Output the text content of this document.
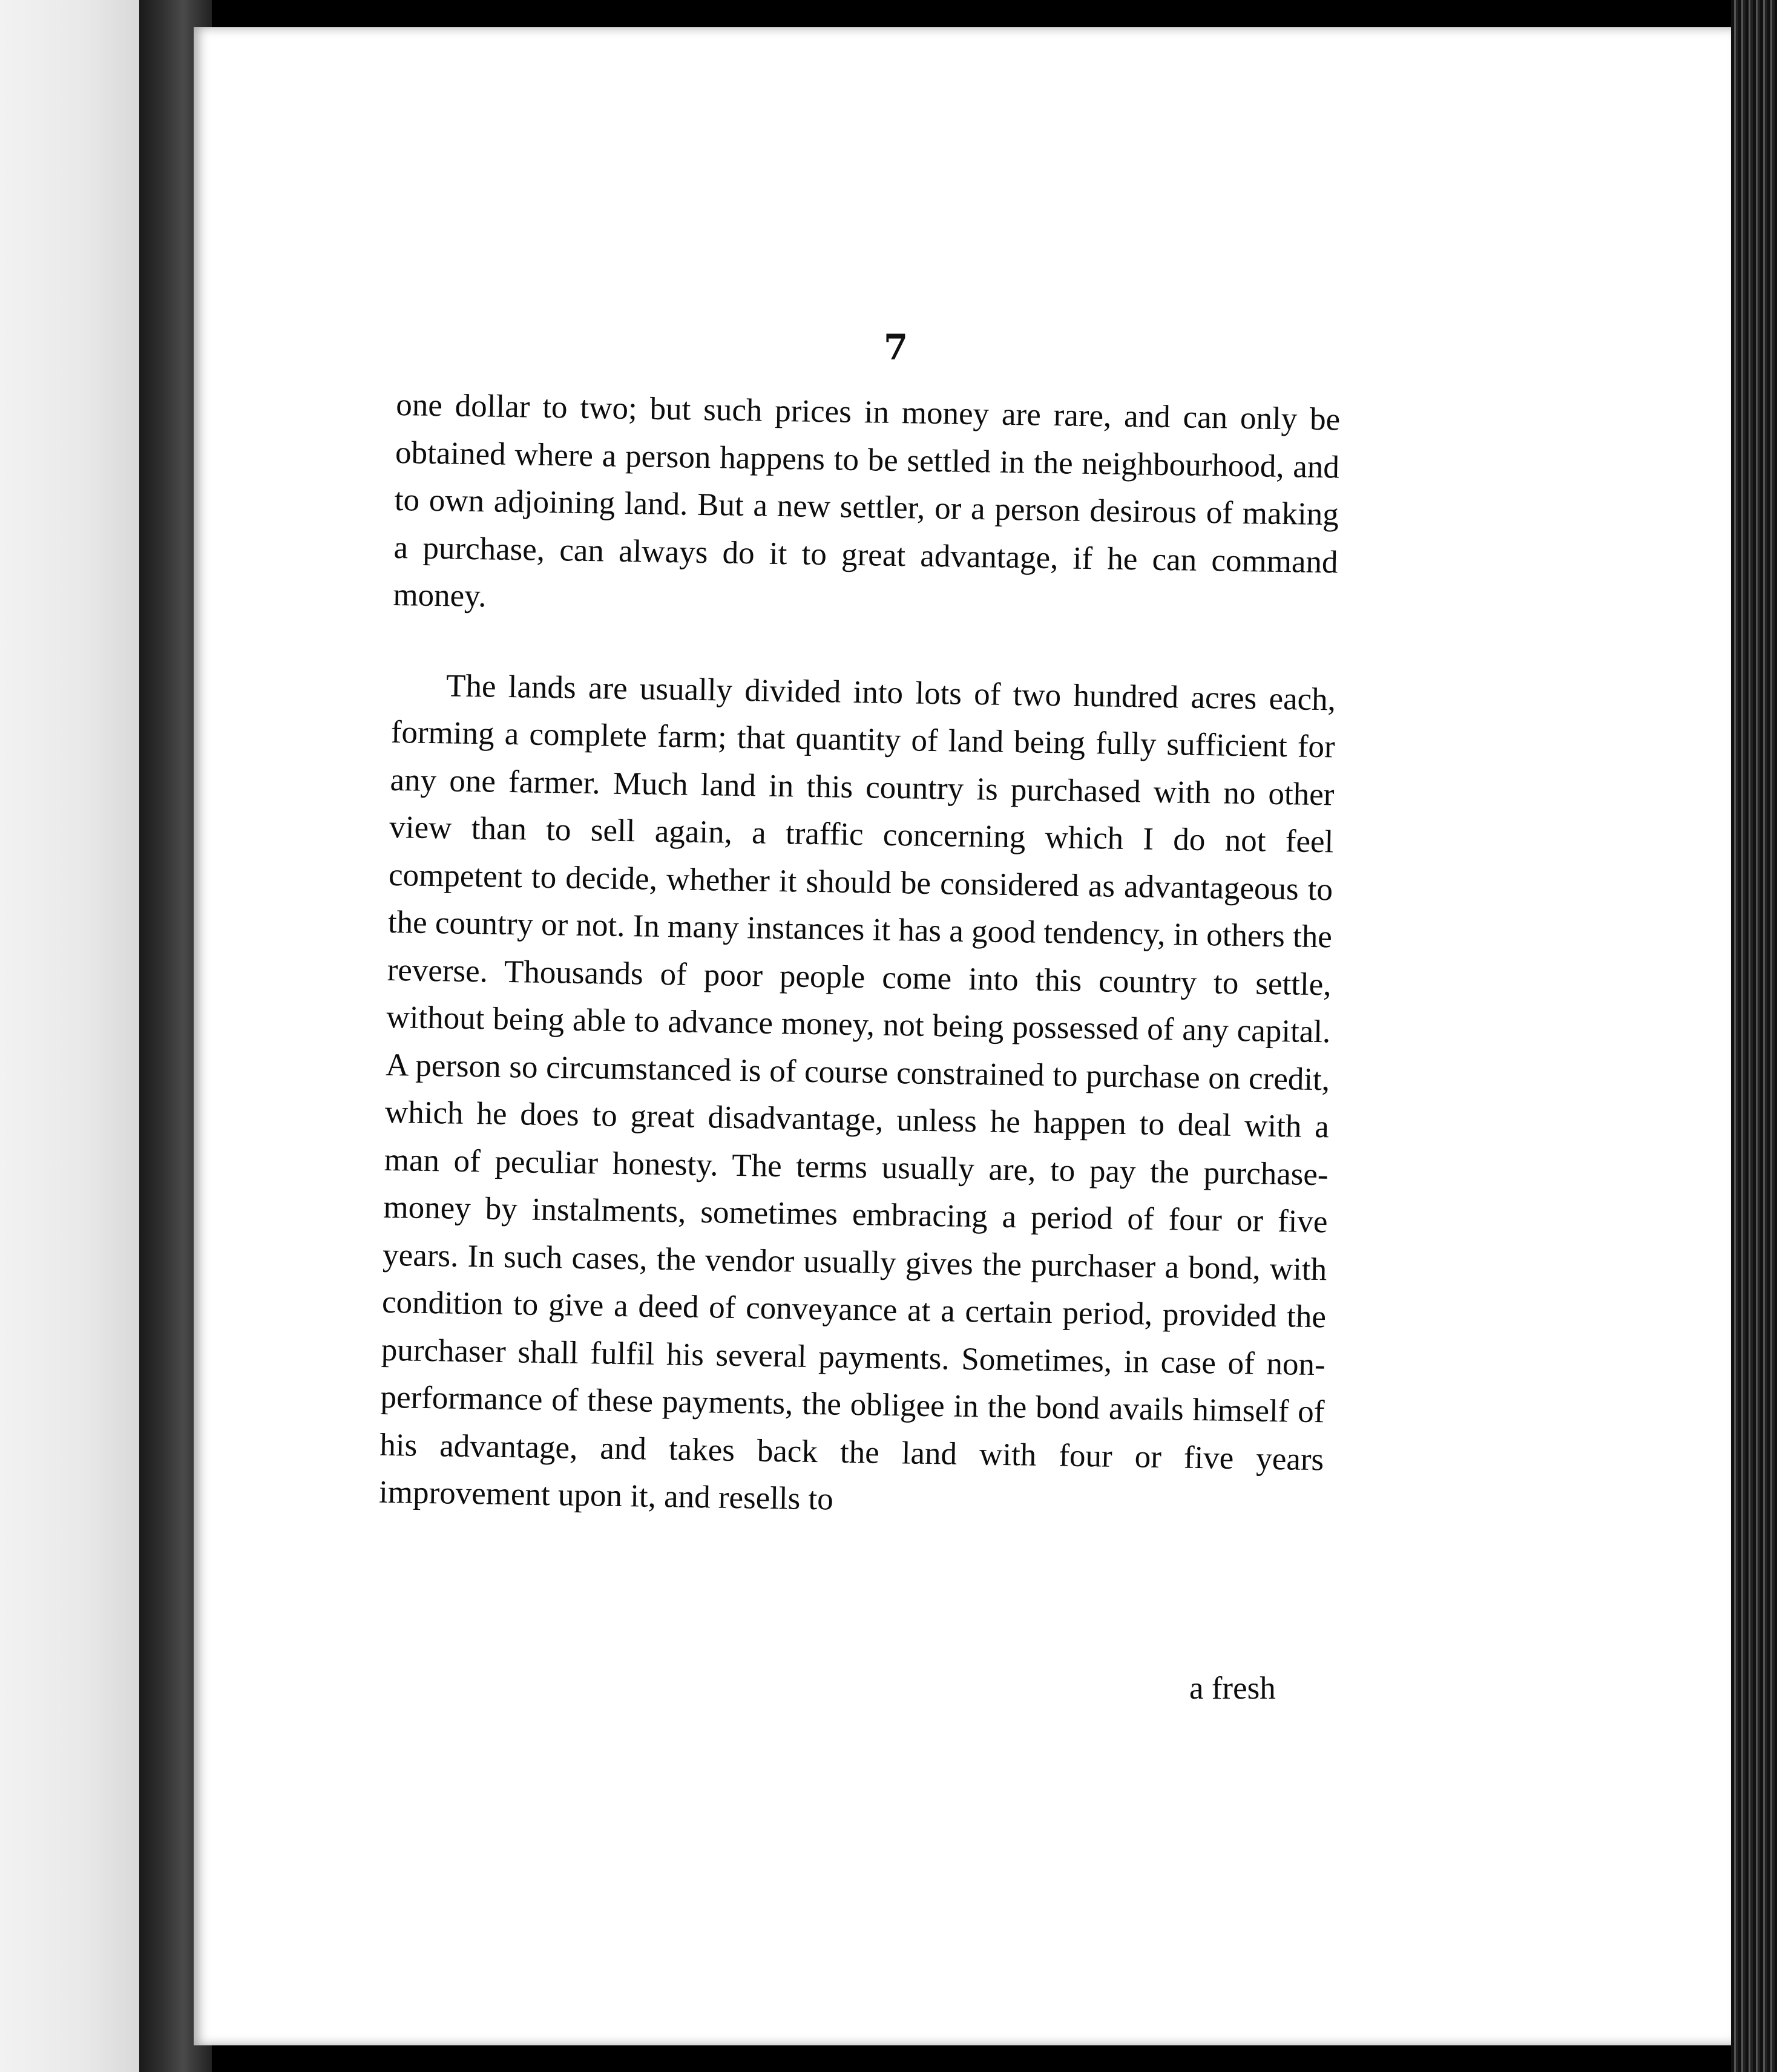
7

one dollar to two; but such prices in money are rare, and can only be obtained where a person happens to be settled in the neighbourhood, and to own adjoining land. But a new settler, or a person desirous of making a purchase, can always do it to great advantage, if he can command money.

The lands are usually divided into lots of two hundred acres each, forming a complete farm; that quantity of land being fully sufficient for any one farmer. Much land in this country is purchased with no other view than to sell again, a traffic concerning which I do not feel competent to decide, whether it should be considered as advantageous to the country or not. In many instances it has a good tendency, in others the reverse. Thousands of poor people come into this country to settle, without being able to advance money, not being possessed of any capital. A person so circumstanced is of course constrained to purchase on credit, which he does to great disadvantage, unless he happen to deal with a man of peculiar honesty. The terms usually are, to pay the purchase-money by instalments, sometimes embracing a period of four or five years. In such cases, the vendor usually gives the purchaser a bond, with condition to give a deed of conveyance at a certain period, provided the purchaser shall fulfil his several payments. Sometimes, in case of non-performance of these payments, the obligee in the bond avails himself of his advantage, and takes back the land with four or five years improvement upon it, and resells to

a fresh
